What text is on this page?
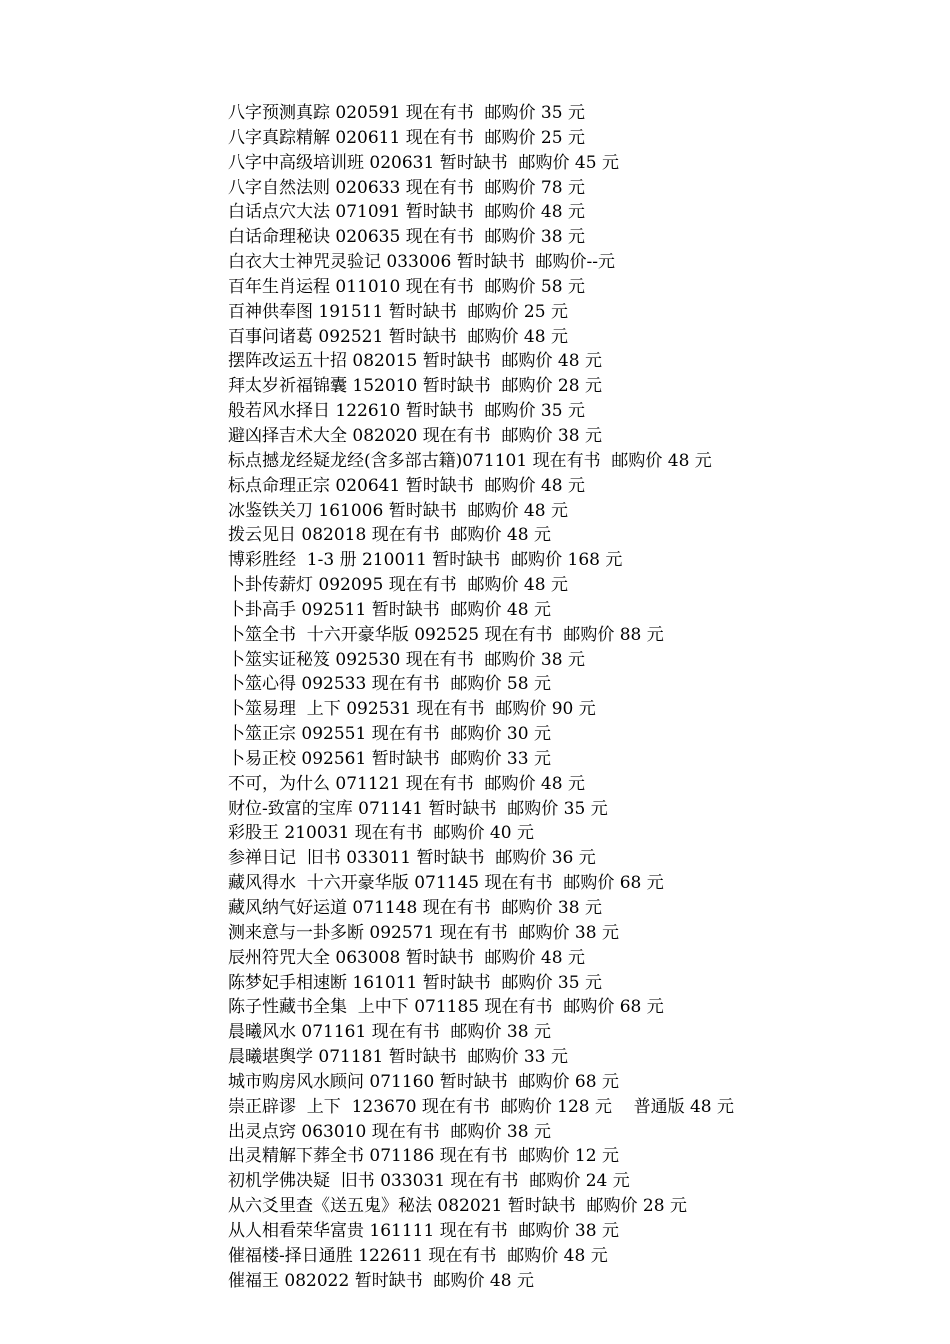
八字预测真踪 020591 现在有书  邮购价 35 元
八字真踪精解 020611 现在有书  邮购价 25 元
八字中高级培训班 020631 暂时缺书  邮购价 45 元
八字自然法则 020633 现在有书  邮购价 78 元
白话点穴大法 071091 暂时缺书  邮购价 48 元
白话命理秘诀 020635 现在有书  邮购价 38 元
白衣大士神咒灵验记 033006 暂时缺书  邮购价--元
百年生肖运程 011010 现在有书  邮购价 58 元
百神供奉图 191511 暂时缺书  邮购价 25 元
百事问诸葛 092521 暂时缺书  邮购价 48 元
摆阵改运五十招 082015 暂时缺书  邮购价 48 元
拜太岁祈福锦囊 152010 暂时缺书  邮购价 28 元
般若风水择日 122610 暂时缺书  邮购价 35 元
避凶择吉术大全 082020 现在有书  邮购价 38 元
标点撼龙经疑龙经(含多部古籍)071101 现在有书  邮购价 48 元
标点命理正宗 020641 暂时缺书  邮购价 48 元
冰鉴铁关刀 161006 暂时缺书  邮购价 48 元
拨云见日 082018 现在有书  邮购价 48 元
博彩胜经  1-3 册 210011 暂时缺书  邮购价 168 元
卜卦传薪灯 092095 现在有书  邮购价 48 元
卜卦高手 092511 暂时缺书  邮购价 48 元
卜筮全书  十六开豪华版 092525 现在有书  邮购价 88 元
卜筮实证秘笈 092530 现在有书  邮购价 38 元
卜筮心得 092533 现在有书  邮购价 58 元
卜筮易理  上下 092531 现在有书  邮购价 90 元
卜筮正宗 092551 现在有书  邮购价 30 元
卜易正校 092561 暂时缺书  邮购价 33 元
不可，为什么 071121 现在有书  邮购价 48 元
财位-致富的宝库 071141 暂时缺书  邮购价 35 元
彩股王 210031 现在有书  邮购价 40 元
参禅日记  旧书 033011 暂时缺书  邮购价 36 元
藏风得水  十六开豪华版 071145 现在有书  邮购价 68 元
藏风纳气好运道 071148 现在有书  邮购价 38 元
测来意与一卦多断 092571 现在有书  邮购价 38 元
辰州符咒大全 063008 暂时缺书  邮购价 48 元
陈梦妃手相速断 161011 暂时缺书  邮购价 35 元
陈子性藏书全集  上中下 071185 现在有书  邮购价 68 元
晨曦风水 071161 现在有书  邮购价 38 元
晨曦堪舆学 071181 暂时缺书  邮购价 33 元
城市购房风水顾问 071160 暂时缺书  邮购价 68 元
崇正辟谬  上下  123670 现在有书  邮购价 128 元    普通版 48 元
出灵点窍 063010 现在有书  邮购价 38 元
出灵精解下葬全书 071186 现在有书  邮购价 12 元
初机学佛决疑  旧书 033031 现在有书  邮购价 24 元
从六爻里查《送五鬼》秘法 082021 暂时缺书  邮购价 28 元
从人相看荣华富贵 161111 现在有书  邮购价 38 元
催福楼-择日通胜 122611 现在有书  邮购价 48 元
催福王 082022 暂时缺书  邮购价 48 元
